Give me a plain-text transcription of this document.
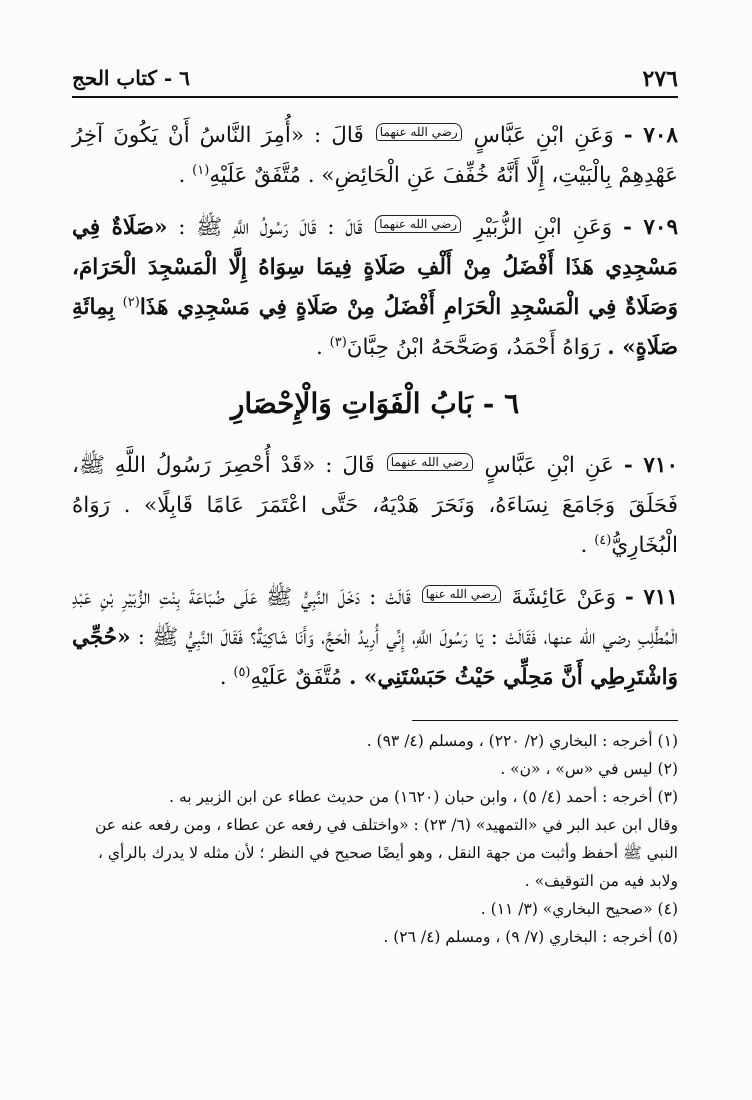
٢٧٦
٦ - كتاب الحج

٧٠٨ - وَعَنِ ابْنِ عَبَّاسٍ رضي الله عنهما قَالَ : «أُمِرَ النَّاسُ أَنْ يَكُونَ آخِرُ عَهْدِهِمْ بِالْبَيْتِ، إِلَّا أَنَّهُ خُفِّفَ عَنِ الْحَائِضِ» . مُتَّفَقٌ عَلَيْهِ$^{(١)}$ .

٧٠٩ - وَعَنِ ابْنِ الزُّبَيْرِ رضي الله عنهما قَالَ : قَالَ رَسُولُ اللَّهِ ﷺ : «صَلَاةٌ فِي مَسْجِدِي هَذَا أَفْضَلُ مِنْ أَلْفِ صَلَاةٍ فِيمَا سِوَاهُ إِلَّا الْمَسْجِدَ الْحَرَامَ، وَصَلَاةٌ فِي الْمَسْجِدِ الْحَرَامِ أَفْضَلُ مِنْ صَلَاةٍ فِي مَسْجِدِي هَذَا$^{(٢)}$ بِمِائَةِ صَلَاةٍ» . رَوَاهُ أَحْمَدُ، وَصَحَّحَهُ ابْنُ حِبَّانَ$^{(٣)}$ .

٦ - بَابُ الْفَوَاتِ وَالْإِحْصَارِ

٧١٠ - عَنِ ابْنِ عَبَّاسٍ رضي الله عنهما قَالَ : «قَدْ أُحْصِرَ رَسُولُ اللَّهِ ﷺ، فَحَلَقَ وَجَامَعَ نِسَاءَهُ، وَنَحَرَ هَدْيَهُ، حَتَّى اعْتَمَرَ عَامًا قَابِلًا» . رَوَاهُ الْبُخَارِيُّ$^{(٤)}$ .

٧١١ - وَعَنْ عَائِشَةَ رضي الله عنها قَالَتْ : دَخَلَ النَّبِيُّ ﷺ عَلَى ضُبَاعَةَ بِنْتِ الزُّبَيْرِ بْنِ عَبْدِ الْمُطَّلِبِ رضي الله عنها، فَقَالَتْ : يَا رَسُولَ اللَّهِ، إِنِّي أُرِيدُ الْحَجَّ، وَأَنَا شَاكِيَةٌ؟ فَقَالَ النَّبِيُّ ﷺ : «حُجِّي وَاشْتَرِطِي أَنَّ مَحِلِّي حَيْثُ حَبَسْتَنِي» . مُتَّفَقٌ عَلَيْهِ$^{(٥)}$ .

(١) أخرجه : البخاري (٢/ ٢٢٠) ، ومسلم (٤/ ٩٣) .

(٢) ليس في «س» ، «ن» .

(٣) أخرجه : أحمد (٤/ ٥) ، وابن حبان (١٦٢٠) من حديث عطاء عن ابن الزبير به .

وقال ابن عبد البر في «التمهيد» (٦/ ٢٣) : «واختلف في رفعه عن عطاء ، ومن رفعه عنه عن النبي ﷺ أحفظ وأثبت من جهة النقل ، وهو أيضًا صحيح في النظر ؛ لأن مثله لا يدرك بالرأي ، ولابد فيه من التوقيف» .

(٤) «صحيح البخاري» (٣/ ١١) .

(٥) أخرجه : البخاري (٧/ ٩) ، ومسلم (٤/ ٢٦) .
